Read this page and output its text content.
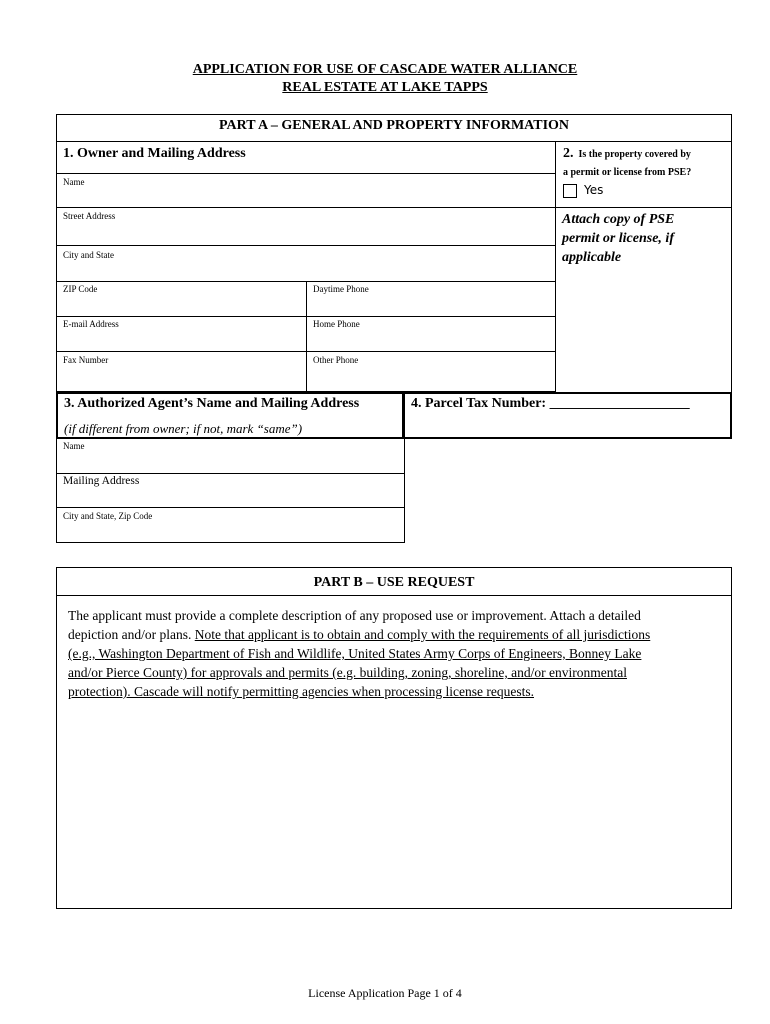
APPLICATION FOR USE OF CASCADE WATER ALLIANCE
REAL ESTATE AT LAKE TAPPS
PART A – GENERAL AND PROPERTY INFORMATION
1. Owner and Mailing Address
Name
Street Address
City and State
ZIP Code	Daytime Phone
E-mail Address	Home Phone
Fax Number	Other Phone
2. Is the property covered by
a permit or license from PSE?
Yes
Attach copy of PSE
permit or license, if
applicable
3. Authorized Agent’s Name and Mailing Address
(if different from owner; if not, mark “same”)
Name
Mailing Address
City and State, Zip Code
4. Parcel Tax Number: ____________________
PART B – USE REQUEST
The applicant must provide a complete description of any proposed use or improvement. Attach a detailed
depiction and/or plans. Note that applicant is to obtain and comply with the requirements of all jurisdictions
(e.g., Washington Department of Fish and Wildlife, United States Army Corps of Engineers, Bonney Lake
and/or Pierce County) for approvals and permits (e.g. building, zoning, shoreline, and/or environmental
protection). Cascade will notify permitting agencies when processing license requests.
License Application Page 1 of 4
